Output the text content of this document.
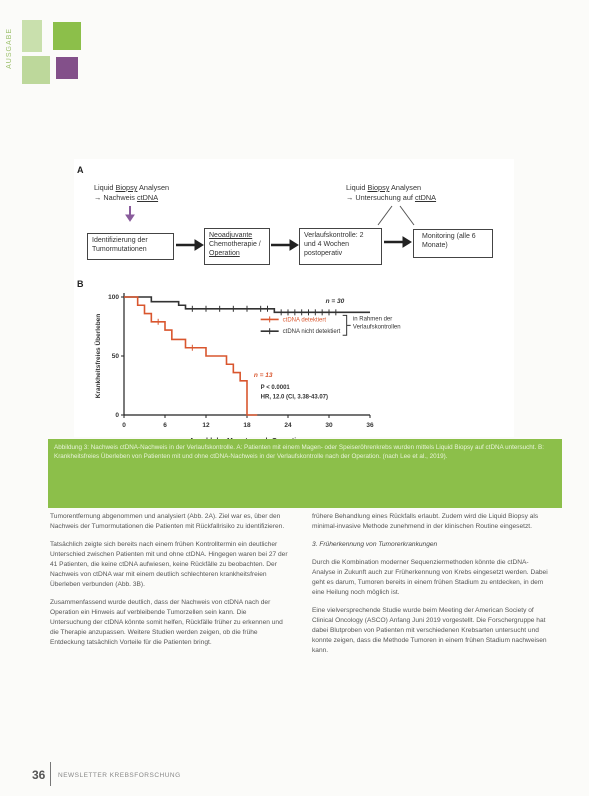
AUSGABE
A
Liquid Biopsy Analysen
→ Nachweis ctDNA
Liquid Biopsy Analysen
→ Untersuchung auf ctDNA
Identifizierung der Tumormutationen
Neoadjuvante Chemotherapie / Operation
Verlaufskontrolle: 2 und 4 Wochen postoperativ
Monitoring (alle 6 Monate)
B
0	6	12	18	24	30	36
0
50
100
Krankheitsfreies Überleben
n = 30
n = 13
P < 0.0001
HR, 12.0 (CI, 3.38-43.07)
ctDNA detektiert
ctDNA nicht detektiert
in Rahmen der
Verlaufskontrollen

Abbildung 3: Nachweis ctDNA-Nachweis in der Verlaufskontrolle. A: Patienten mit einem Magen- oder Speiseröhrenkrebs wurden mittels Liquid Biopsy auf ctDNA untersucht. B: Krankheitsfreies Überleben von Patienten mit und ohne ctDNA-Nachweis in der Verlaufskontrolle nach der Operation. (nach Lee et al., 2019).

Tumorentfernung abgenommen und analysiert (Abb. 2A). Ziel war es, über den Nachweis der Tumormutationen die Patienten mit Rückfallrisiko zu identifizieren.

Tatsächlich zeigte sich bereits nach einem frühen Kontrolltermin ein deutlicher Unterschied zwischen Patienten mit und ohne ctDNA. Hingegen waren bei 27 der 41 Patienten, die keine ctDNA aufwiesen, keine Rückfälle zu beobachten. Der Nachweis von ctDNA war mit einem deutlich schlechteren krankheitsfreien Überleben verbunden (Abb. 3B).

Zusammenfassend wurde deutlich, dass der Nachweis von ctDNA nach der Operation ein Hinweis auf verbleibende Tumorzellen sein kann. Die Untersuchung der ctDNA könnte somit helfen, Rückfälle früher zu erkennen und die Therapie anzupassen. Weitere Studien werden zeigen, ob die frühe Entdeckung tatsächlich Vorteile für die Patienten bringt.

frühere Behandlung eines Rückfalls erlaubt. Zudem wird die Liquid Biopsy als minimal-invasive Methode zunehmend in der klinischen Routine eingesetzt.

3. Früherkennung von Tumorerkrankungen

Durch die Kombination moderner Sequenziermethoden könnte die ctDNA-Analyse in Zukunft auch zur Früherkennung von Krebs eingesetzt werden. Dabei geht es darum, Tumoren bereits in einem frühen Stadium zu entdecken, in dem eine Heilung noch möglich ist.

Eine vielversprechende Studie wurde beim Meeting der American Society of Clinical Oncology (ASCO) Anfang Juni 2019 vorgestellt. Die Forschergruppe hat dabei Blutproben von Patienten mit verschiedenen Krebsarten untersucht und konnte zeigen, dass die Methode Tumoren in einem frühen Stadium nachweisen kann.

36 NEWSLETTER KREBSFORSCHUNG
